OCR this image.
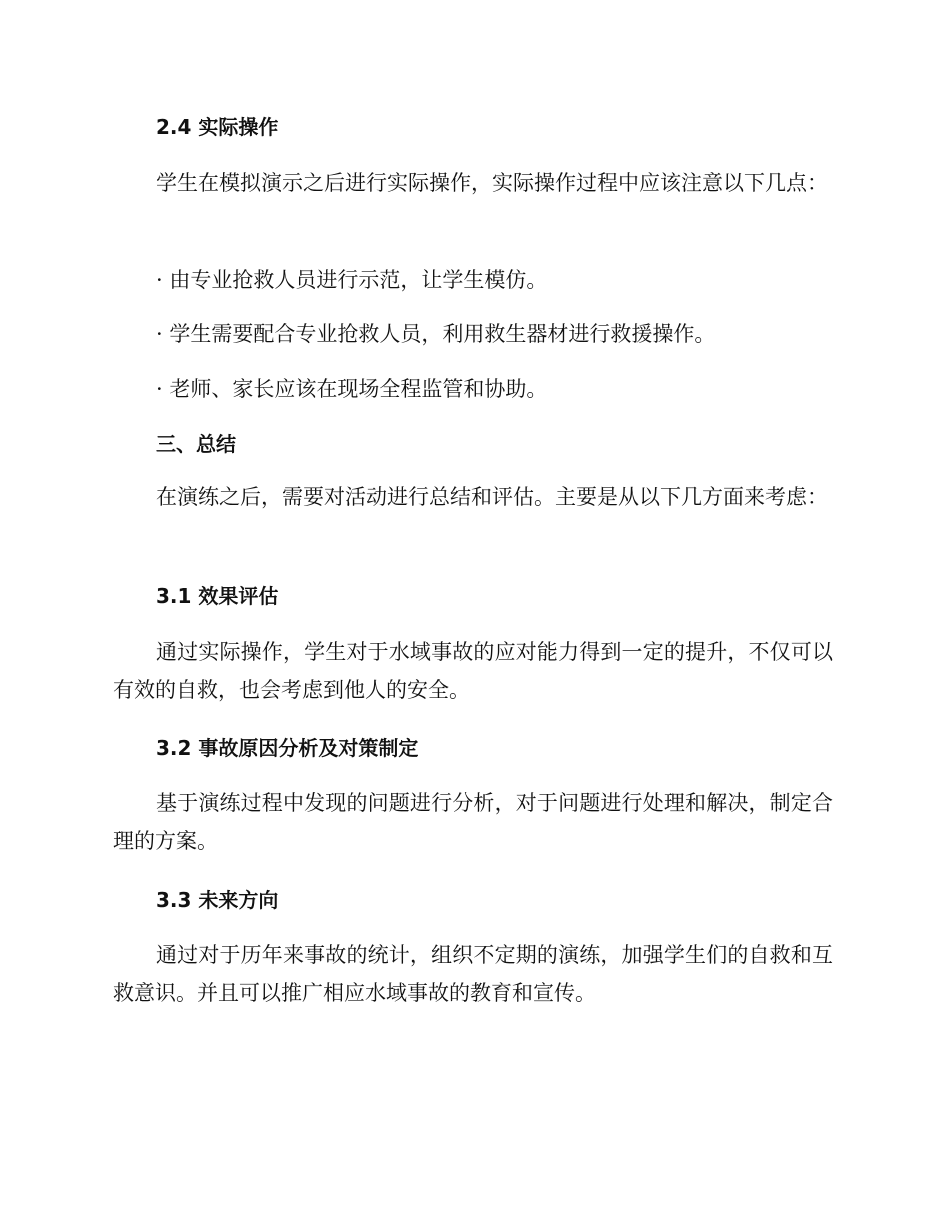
2.4 实际操作

学生在模拟演示之后进行实际操作，实际操作过程中应该注意以下几点：

· 由专业抢救人员进行示范，让学生模仿。
· 学生需要配合专业抢救人员，利用救生器材进行救援操作。
· 老师、家长应该在现场全程监管和协助。
三、总结

在演练之后，需要对活动进行总结和评估。主要是从以下几方面来考虑：

3.1 效果评估

通过实际操作，学生对于水域事故的应对能力得到一定的提升，不仅可以有效的自救，也会考虑到他人的安全。

3.2 事故原因分析及对策制定

基于演练过程中发现的问题进行分析，对于问题进行处理和解决，制定合理的方案。

3.3 未来方向

通过对于历年来事故的统计，组织不定期的演练，加强学生们的自救和互救意识。并且可以推广相应水域事故的教育和宣传。
